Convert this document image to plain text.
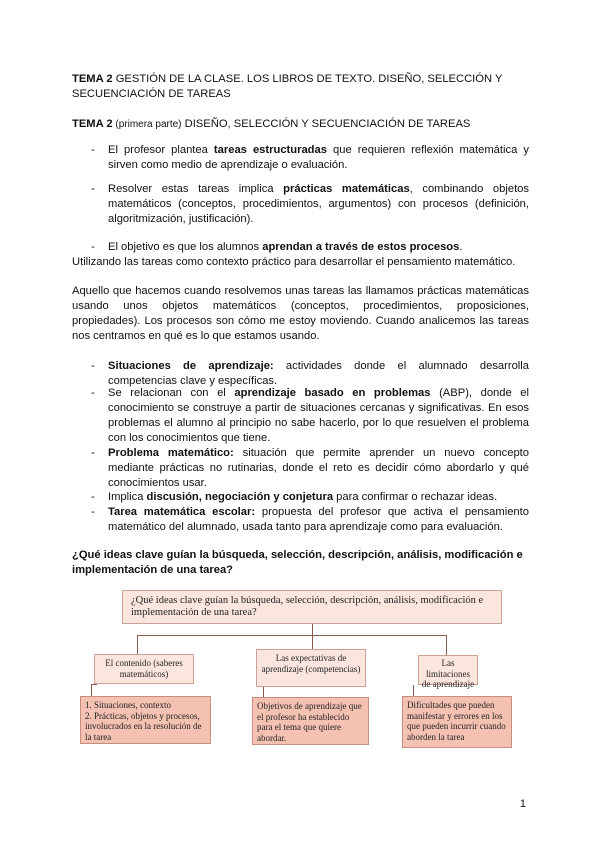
TEMA 2 GESTIÓN DE LA CLASE. LOS LIBROS DE TEXTO. DISEÑO, SELECCIÓN Y
SECUENCIACIÓN DE TAREAS
TEMA 2 (primera parte) DISEÑO, SELECCIÓN Y SECUENCIACIÓN DE TAREAS
- El profesor plantea tareas estructuradas que requieren reflexión matemática y sirven como medio de aprendizaje o evaluación.
- Resolver estas tareas implica prácticas matemáticas, combinando objetos matemáticos (conceptos, procedimientos, argumentos) con procesos (definición, algoritmización, justificación).
- El objetivo es que los alumnos aprendan a través de estos procesos.
Utilizando las tareas como contexto práctico para desarrollar el pensamiento matemático.
Aquello que hacemos cuando resolvemos unas tareas las llamamos prácticas matemáticas usando unos objetos matemáticos (conceptos, procedimientos, proposiciones, propiedades). Los procesos son cómo me estoy moviendo. Cuando analicemos las tareas nos centramos en qué es lo que estamos usando.
- Situaciones de aprendizaje: actividades donde el alumnado desarrolla competencias clave y específicas.
- Se relacionan con el aprendizaje basado en problemas (ABP), donde el conocimiento se construye a partir de situaciones cercanas y significativas. En esos problemas el alumno al principio no sabe hacerlo, por lo que resuelven el problema con los conocimientos que tiene.
- Problema matemático: situación que permite aprender un nuevo concepto mediante prácticas no rutinarias, donde el reto es decidir cómo abordarlo y qué conocimientos usar.
- Implica discusión, negociación y conjetura para confirmar o rechazar ideas.
- Tarea matemática escolar: propuesta del profesor que activa el pensamiento matemático del alumnado, usada tanto para aprendizaje como para evaluación.
¿Qué ideas clave guían la búsqueda, selección, descripción, análisis, modificación e implementación de una tarea?
¿Qué ideas clave guían la búsqueda, selección, descripción, análisis, modificación e implementación de una tarea?
El contenido (saberes matemáticos)
Las expectativas de aprendizaje (competencias)
Las limitaciones de aprendizaje
1. Situaciones, contexto
2. Prácticas, objetos y procesos, involucrados en la resolución de la tarea
Objetivos de aprendizaje que el profesor ha establecido para el tema que quiere abordar.
Dificultades que pueden manifestar y errores en los que pueden incurrir cuando aborden la tarea
1
